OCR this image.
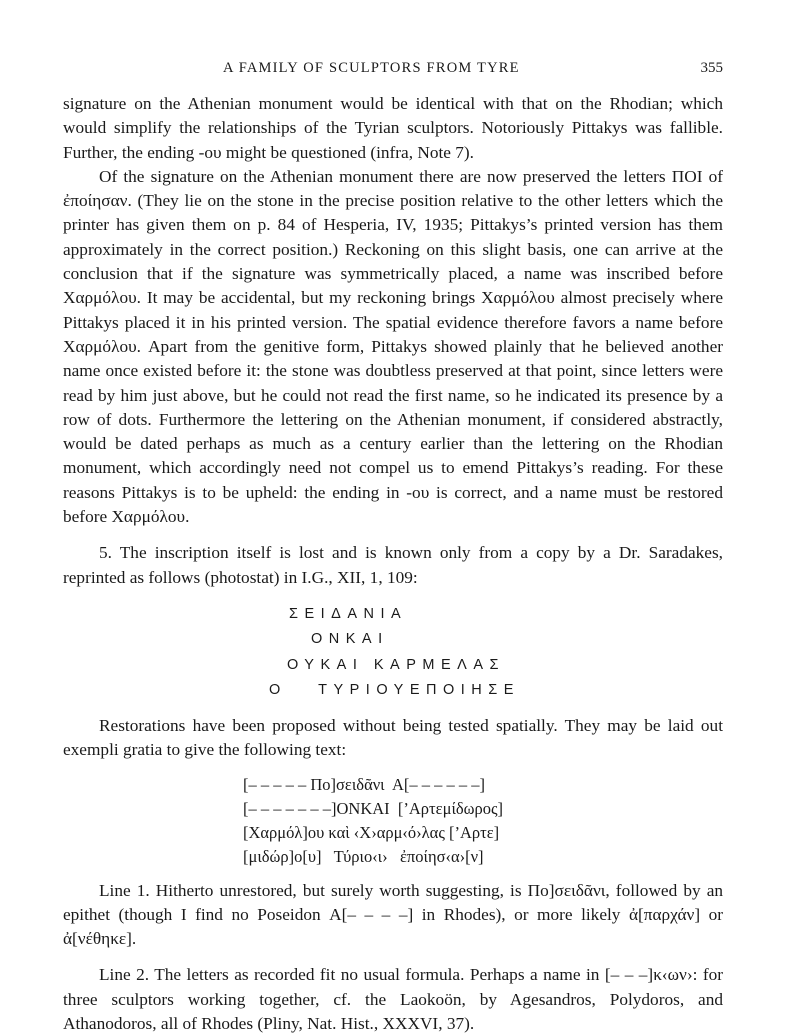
A FAMILY OF SCULPTORS FROM TYRE	355

signature on the Athenian monument would be identical with that on the Rhodian; which would simplify the relationships of the Tyrian sculptors. Notoriously Pittakys was fallible. Further, the ending -ου might be questioned (infra, Note 7).

Of the signature on the Athenian monument there are now preserved the letters ΠΟΙ of ἐποίησαν. (They lie on the stone in the precise position relative to the other letters which the printer has given them on p. 84 of Hesperia, IV, 1935; Pittakys’s printed version has them approximately in the correct position.) Reckoning on this slight basis, one can arrive at the conclusion that if the signature was symmetrically placed, a name was inscribed before Χαρμόλου. It may be accidental, but my reckoning brings Χαρμόλου almost precisely where Pittakys placed it in his printed version. The spatial evidence therefore favors a name before Χαρμόλου. Apart from the genitive form, Pittakys showed plainly that he believed another name once existed before it: the stone was doubtless preserved at that point, since letters were read by him just above, but he could not read the first name, so he indicated its presence by a row of dots. Furthermore the lettering on the Athenian monument, if considered abstractly, would be dated perhaps as much as a century earlier than the lettering on the Rhodian monument, which accordingly need not compel us to emend Pittakys’s reading. For these reasons Pittakys is to be upheld: the ending in -ου is correct, and a name must be restored before Χαρμόλου.

5. The inscription itself is lost and is known only from a copy by a Dr. Saradakes, reprinted as follows (photostat) in I.G., XII, 1, 109:

ΣΕΙΔΑΝΙΑ
ΟΝΚΑΙ
ΟΥΚΑΙ ΚΑΡΜΕΛΑΣ
Ο   ΤΥΡΙΟΥΕΠΟΙΗΣΕ

Restorations have been proposed without being tested spatially. They may be laid out exempli gratia to give the following text:

[– – – – – Πο]σειδᾶνι  Α[– – – – – –]
[– – – – – – –]ΟΝΚΑΙ  [’Αρτεμίδωρος]
[Χαρμόλ]ου καὶ ‹Χ›αρμ‹ό›λας [’Αρτε]
[μιδώρ]ο[υ]   Τύριο‹ι›   ἐποίησ‹α›[ν]

Line 1. Hitherto unrestored, but surely worth suggesting, is Πο]σειδᾶνι, followed by an epithet (though I find no Poseidon Α[– – – –] in Rhodes), or more likely ἀ[παρχάν] or ἀ[νέθηκε].

Line 2. The letters as recorded fit no usual formula. Perhaps a name in [– – –]κ‹ων›: for three sculptors working together, cf. the Laokoön, by Agesandros, Polydoros, and Athanodoros, all of Rhodes (Pliny, Nat. Hist., XXXVI, 37).
